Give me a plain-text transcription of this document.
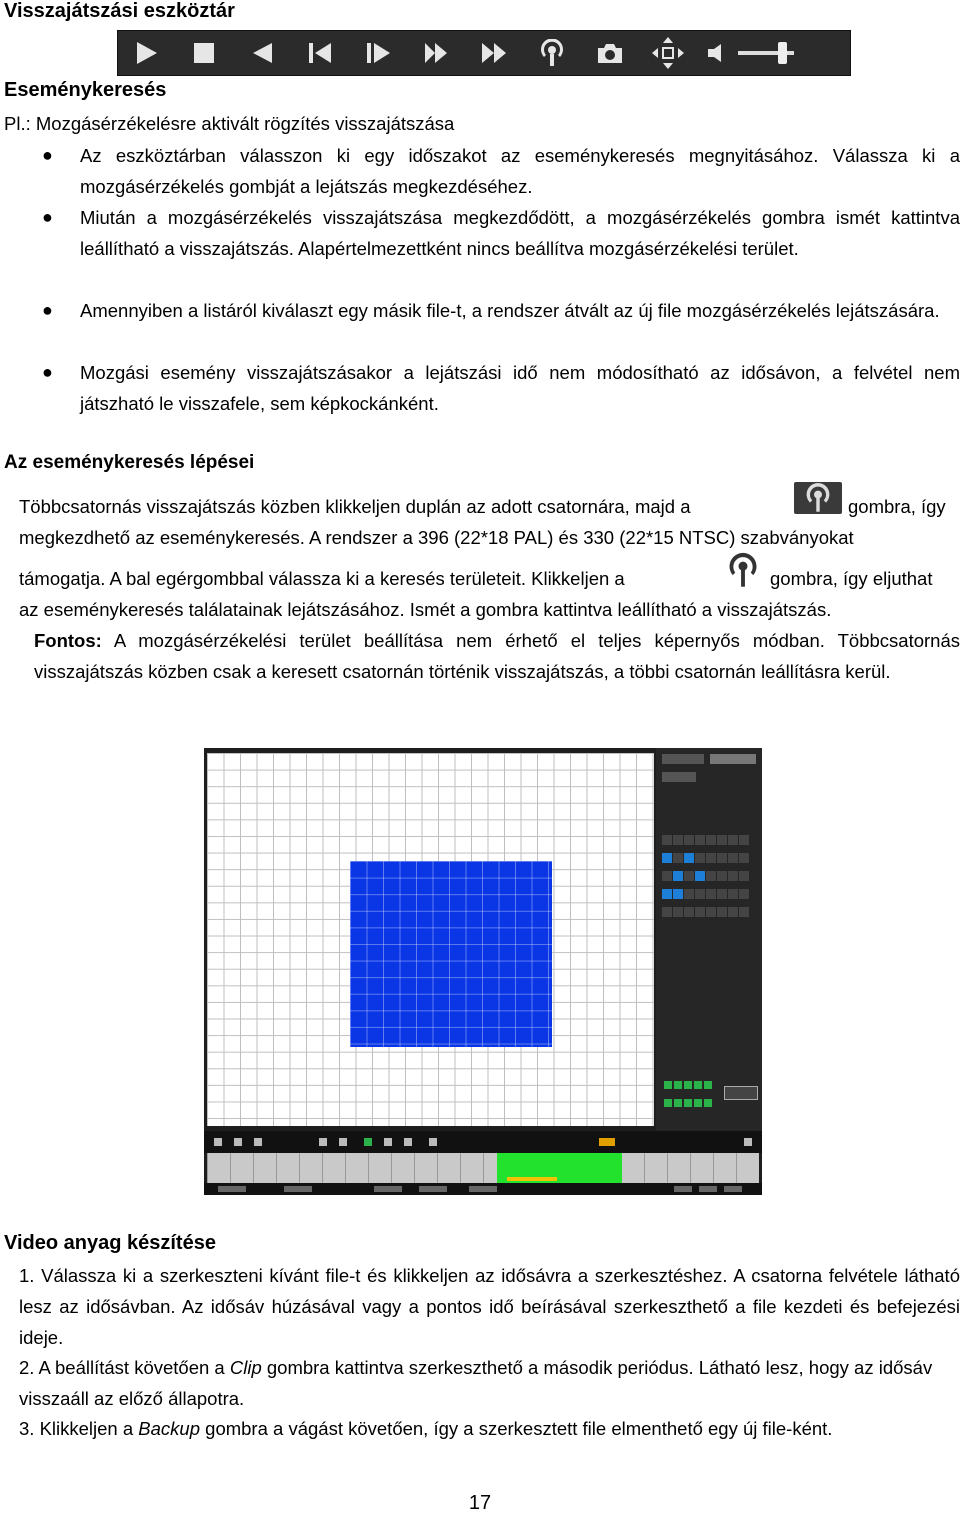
Visszajátszási eszköztár
Eseménykeresés

Pl.: Mozgásérzékelésre aktivált rögzítés visszajátszása

● Az eszköztárban válasszon ki egy időszakot az eseménykeresés megnyitásához. Válassza ki a mozgásérzékelés gombját a lejátszás megkezdéséhez.

● Miután a mozgásérzékelés visszajátszása megkezdődött, a mozgásérzékelés gombra ismét kattintva leállítható a visszajátszás. Alapértelmezettként nincs beállítva mozgásérzékelési terület.

● Amennyiben a listáról kiválaszt egy másik file-t, a rendszer átvált az új file mozgásérzékelés lejátszására.

● Mozgási esemény visszajátszásakor a lejátszási idő nem módosítható az idősávon, a felvétel nem játszható le visszafele, sem képkockánként.

Az eseménykeresés lépései

Többcsatornás visszajátszás közben klikkeljen duplán az adott csatornára, majd a	gombra, így

megkezdhető az eseménykeresés. A rendszer a 396 (22*18 PAL) és 330 (22*15 NTSC) szabványokat

támogatja. A bal egérgombbal válassza ki a keresés területeit. Klikkeljen a	gombra, így eljuthat

az eseménykeresés találatainak lejátszásához. Ismét a gombra kattintva leállítható a visszajátszás.

Fontos: A mozgásérzékelési terület beállítása nem érhető el teljes képernyős módban. Többcsatornás visszajátszás közben csak a keresett csatornán történik visszajátszás, a többi csatornán leállításra kerül.

Video anyag készítése

1. Válassza ki a szerkeszteni kívánt file-t és klikkeljen az idősávra a szerkesztéshez. A csatorna felvétele látható lesz az idősávban. Az idősáv húzásával vagy a pontos idő beírásával szerkeszthető a file kezdeti és befejezési ideje.

2. A beállítást követően a Clip gombra kattintva szerkeszthető a második periódus. Látható lesz, hogy az idősáv visszaáll az előző állapotra.

3. Klikkeljen a Backup gombra a vágást követően, így a szerkesztett file elmenthető egy új file-ként.

17
